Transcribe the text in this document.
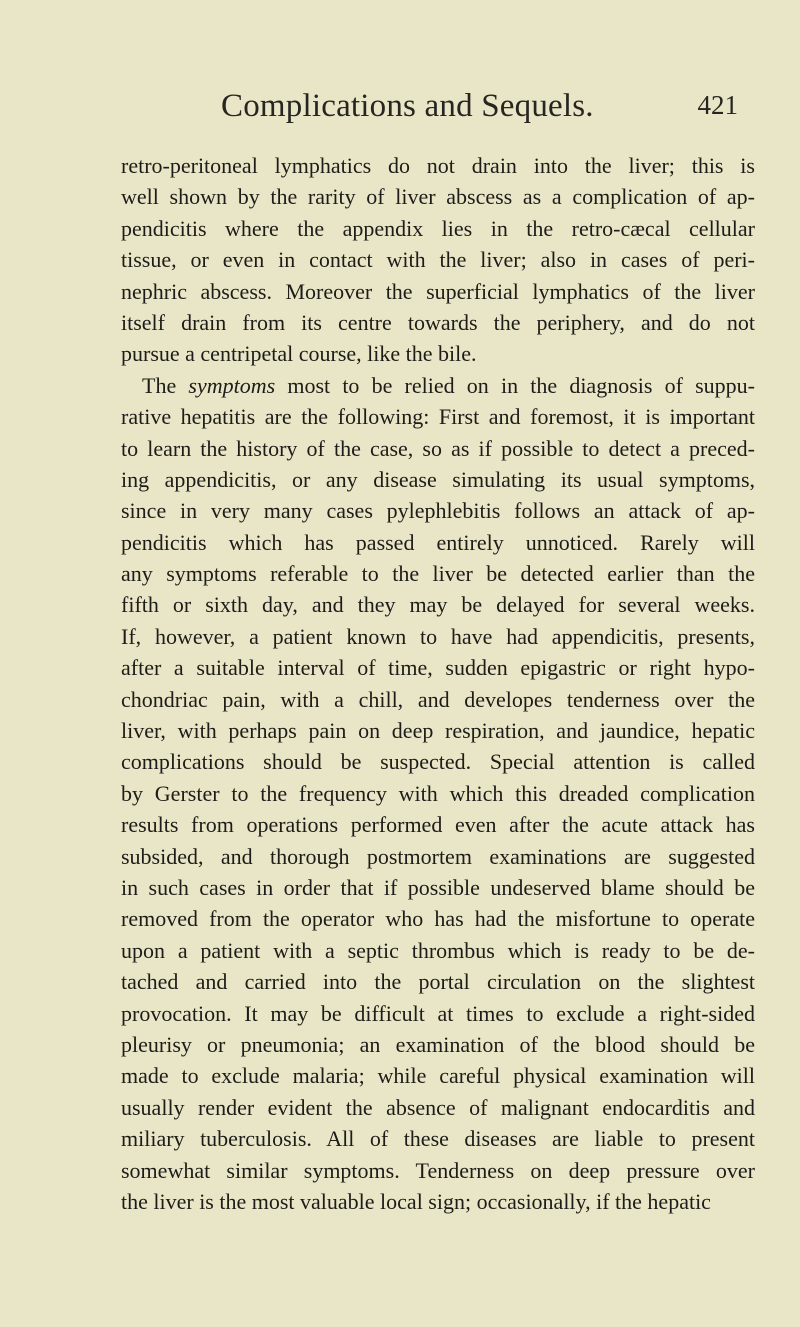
Complications and Sequels.	421
retro-peritoneal lymphatics do not drain into the liver; this is
well shown by the rarity of liver abscess as a complication of ap-
pendicitis where the appendix lies in the retro-cæcal cellular
tissue, or even in contact with the liver; also in cases of peri-
nephric abscess. Moreover the superficial lymphatics of the liver
itself drain from its centre towards the periphery, and do not
pursue a centripetal course, like the bile.
The symptoms most to be relied on in the diagnosis of suppu-
rative hepatitis are the following: First and foremost, it is important
to learn the history of the case, so as if possible to detect a preced-
ing appendicitis, or any disease simulating its usual symptoms,
since in very many cases pylephlebitis follows an attack of ap-
pendicitis which has passed entirely unnoticed. Rarely will
any symptoms referable to the liver be detected earlier than the
fifth or sixth day, and they may be delayed for several weeks.
If, however, a patient known to have had appendicitis, presents,
after a suitable interval of time, sudden epigastric or right hypo-
chondriac pain, with a chill, and developes tenderness over the
liver, with perhaps pain on deep respiration, and jaundice, hepatic
complications should be suspected. Special attention is called
by Gerster to the frequency with which this dreaded complication
results from operations performed even after the acute attack has
subsided, and thorough postmortem examinations are suggested
in such cases in order that if possible undeserved blame should be
removed from the operator who has had the misfortune to operate
upon a patient with a septic thrombus which is ready to be de-
tached and carried into the portal circulation on the slightest
provocation. It may be difficult at times to exclude a right-sided
pleurisy or pneumonia; an examination of the blood should be
made to exclude malaria; while careful physical examination will
usually render evident the absence of malignant endocarditis and
miliary tuberculosis. All of these diseases are liable to present
somewhat similar symptoms. Tenderness on deep pressure over
the liver is the most valuable local sign; occasionally, if the hepatic
